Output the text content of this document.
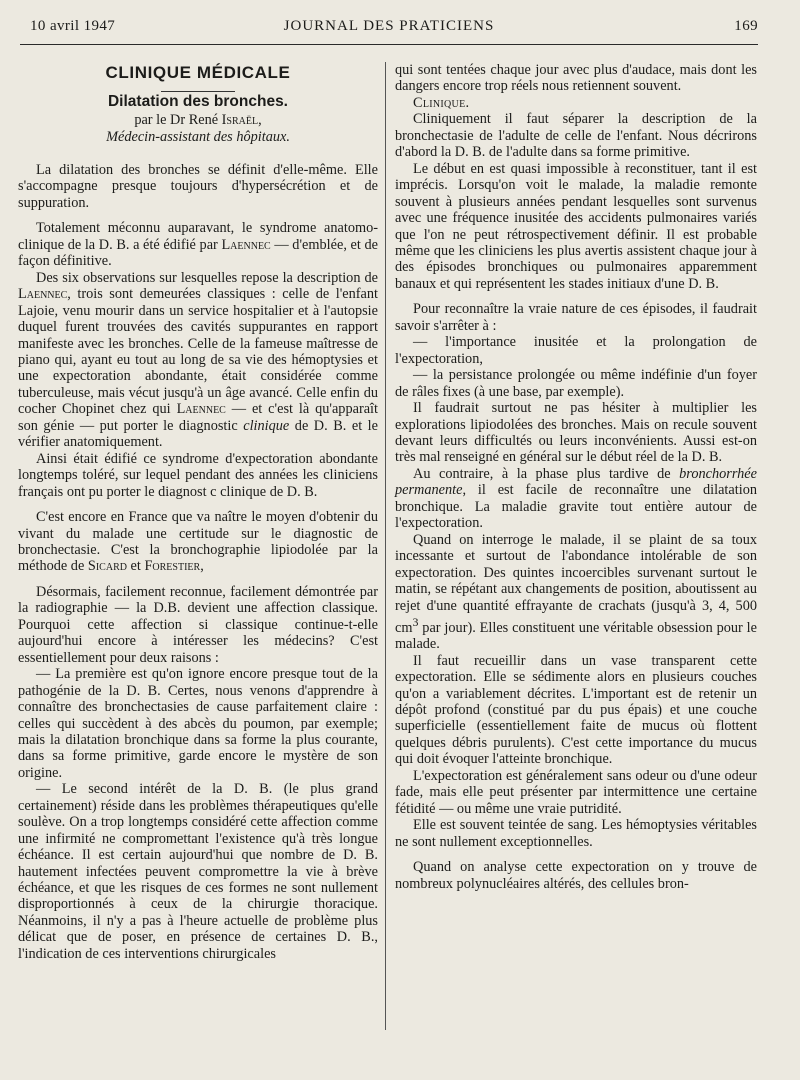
10 avril 1947	JOURNAL DES PRATICIENS	169

CLINIQUE MÉDICALE

Dilatation des bronches.

par le Dr René Israël,

Médecin-assistant des hôpitaux.

La dilatation des bronches se définit d'elle-même. Elle s'accompagne presque toujours d'hypersécrétion et de suppuration.

Totalement méconnu auparavant, le syndrome anatomo-clinique de la D. B. a été édifié par Laennec — d'emblée, et de façon définitive.

Des six observations sur lesquelles repose la description de Laennec, trois sont demeurées classiques : celle de l'enfant Lajoie, venu mourir dans un service hospitalier et à l'autopsie duquel furent trouvées des cavités suppurantes en rapport manifeste avec les bronches. Celle de la fameuse maîtresse de piano qui, ayant eu tout au long de sa vie des hémoptysies et une expectoration abondante, était considérée comme tuberculeuse, mais vécut jusqu'à un âge avancé. Celle enfin du cocher Chopinet chez qui Laennec — et c'est là qu'apparaît son génie — put porter le diagnostic clinique de D. B. et le vérifier anatomiquement.

Ainsi était édifié ce syndrome d'expectoration abondante longtemps toléré, sur lequel pendant des années les cliniciens français ont pu porter le diagnost c clinique de D. B.

C'est encore en France que va naître le moyen d'obtenir du vivant du malade une certitude sur le diagnostic de bronchectasie. C'est la bronchographie lipiodolée par la méthode de Sicard et Forestier,

Désormais, facilement reconnue, facilement démontrée par la radiographie — la D.B. devient une affection classique. Pourquoi cette affection si classique continue-t-elle aujourd'hui encore à intéresser les médecins? C'est essentiellement pour deux raisons :

— La première est qu'on ignore encore presque tout de la pathogénie de la D. B. Certes, nous venons d'apprendre à connaître des bronchectasies de cause parfaitement claire : celles qui succèdent à des abcès du poumon, par exemple; mais la dilatation bronchique dans sa forme la plus courante, dans sa forme primitive, garde encore le mystère de son origine.

— Le second intérêt de la D. B. (le plus grand certainement) réside dans les problèmes thérapeutiques qu'elle soulève. On a trop longtemps considéré cette affection comme une infirmité ne compromettant l'existence qu'à très longue échéance. Il est certain aujourd'hui que nombre de D. B. hautement infectées peuvent compromettre la vie à brève échéance, et que les risques de ces formes ne sont nullement disproportionnés à ceux de la chirurgie thoracique. Néanmoins, il n'y a pas à l'heure actuelle de problème plus délicat que de poser, en présence de certaines D. B., l'indication de ces interventions chirurgicales

qui sont tentées chaque jour avec plus d'audace, mais dont les dangers encore trop réels nous retiennent souvent.

Clinique.

Cliniquement il faut séparer la description de la bronchectasie de l'adulte de celle de l'enfant. Nous décrirons d'abord la D. B. de l'adulte dans sa forme primitive.

Le début en est quasi impossible à reconstituer, tant il est imprécis. Lorsqu'on voit le malade, la maladie remonte souvent à plusieurs années pendant lesquelles sont survenus avec une fréquence inusitée des accidents pulmonaires variés que l'on ne peut rétrospectivement définir. Il est probable même que les cliniciens les plus avertis assistent chaque jour à des épisodes bronchiques ou pulmonaires apparemment banaux et qui représentent les stades initiaux d'une D. B.

Pour reconnaître la vraie nature de ces épisodes, il faudrait savoir s'arrêter à :

— l'importance inusitée et la prolongation de l'expectoration,

— la persistance prolongée ou même indéfinie d'un foyer de râles fixes (à une base, par exemple).

Il faudrait surtout ne pas hésiter à multiplier les explorations lipiodolées des bronches. Mais on recule souvent devant leurs difficultés ou leurs inconvénients. Aussi est-on très mal renseigné en général sur le début réel de la D. B.

Au contraire, à la phase plus tardive de bronchorrhée permanente, il est facile de reconnaître une dilatation bronchique. La maladie gravite tout entière autour de l'expectoration.

Quand on interroge le malade, il se plaint de sa toux incessante et surtout de l'abondance intolérable de son expectoration. Des quintes incoercibles survenant surtout le matin, se répétant aux changements de position, aboutissent au rejet d'une quantité effrayante de crachats (jusqu'à 3, 4, 500 $cm^3$ par jour). Elles constituent une véritable obsession pour le malade.

Il faut recueillir dans un vase transparent cette expectoration. Elle se sédimente alors en plusieurs couches qu'on a variablement décrites. L'important est de retenir un dépôt profond (constitué par du pus épais) et une couche superficielle (essentiellement faite de mucus où flottent quelques débris purulents). C'est cette importance du mucus qui doit évoquer l'atteinte bronchique.

L'expectoration est généralement sans odeur ou d'une odeur fade, mais elle peut présenter par intermittence une certaine fétidité — ou même une vraie putridité.

Elle est souvent teintée de sang. Les hémoptysies véritables ne sont nullement exceptionnelles.

Quand on analyse cette expectoration on y trouve de nombreux polynucléaires altérés, des cellules bron-
